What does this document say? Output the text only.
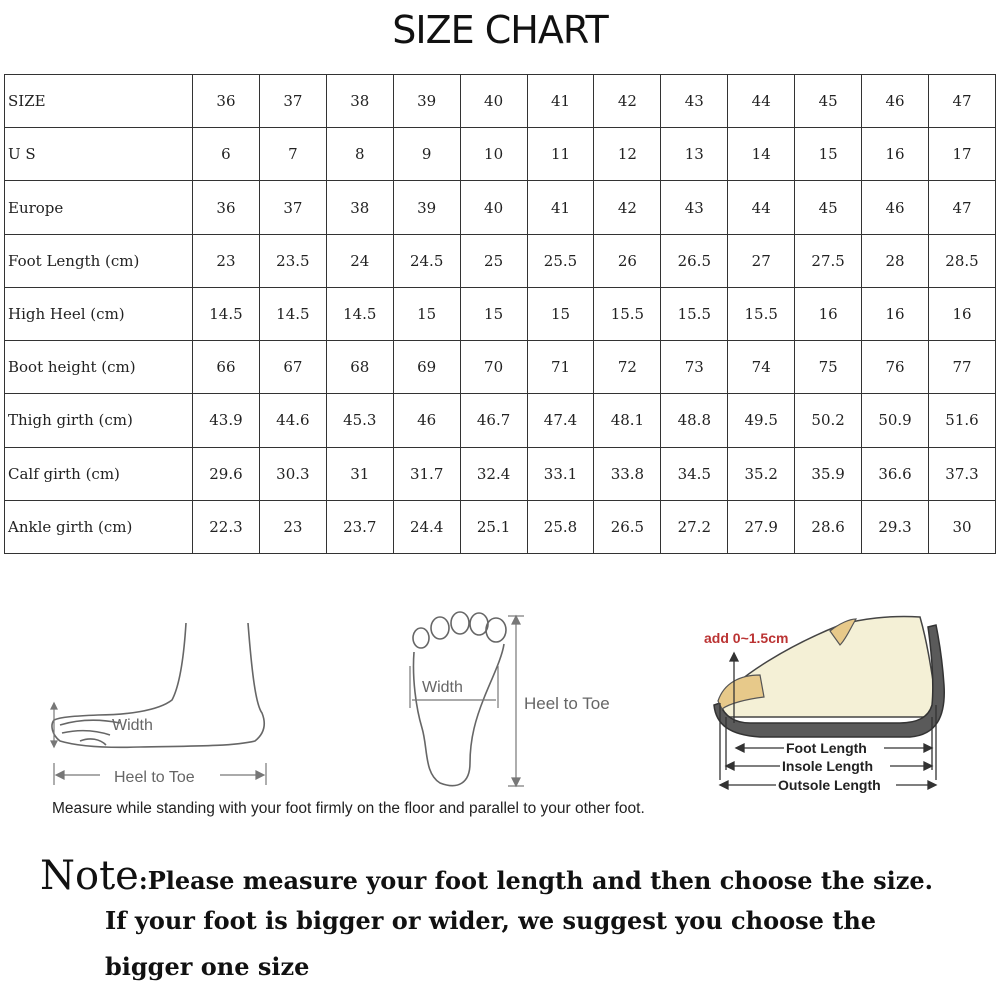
SIZE CHART
SIZE	36	37	38	39	40	41	42	43	44	45	46	47
U S	6	7	8	9	10	11	12	13	14	15	16	17
Europe	36	37	38	39	40	41	42	43	44	45	46	47
Foot Length (cm)	23	23.5	24	24.5	25	25.5	26	26.5	27	27.5	28	28.5
High Heel (cm)	14.5	14.5	14.5	15	15	15	15.5	15.5	15.5	16	16	16
Boot height (cm)	66	67	68	69	70	71	72	73	74	75	76	77
Thigh girth (cm)	43.9	44.6	45.3	46	46.7	47.4	48.1	48.8	49.5	50.2	50.9	51.6
Calf girth (cm)	29.6	30.3	31	31.7	32.4	33.1	33.8	34.5	35.2	35.9	36.6	37.3
Ankle girth (cm)	22.3	23	23.7	24.4	25.1	25.8	26.5	27.2	27.9	28.6	29.3	30
Width
Heel to Toe
Width
Heel to Toe
add 0~1.5cm
Foot Length
Insole Length
Outsole Length
Measure while standing with your foot firmly on the floor and parallel to your other foot.
Note:Please measure your foot length and then choose the size.
If your foot is bigger or wider, we suggest you choose the
bigger one size
